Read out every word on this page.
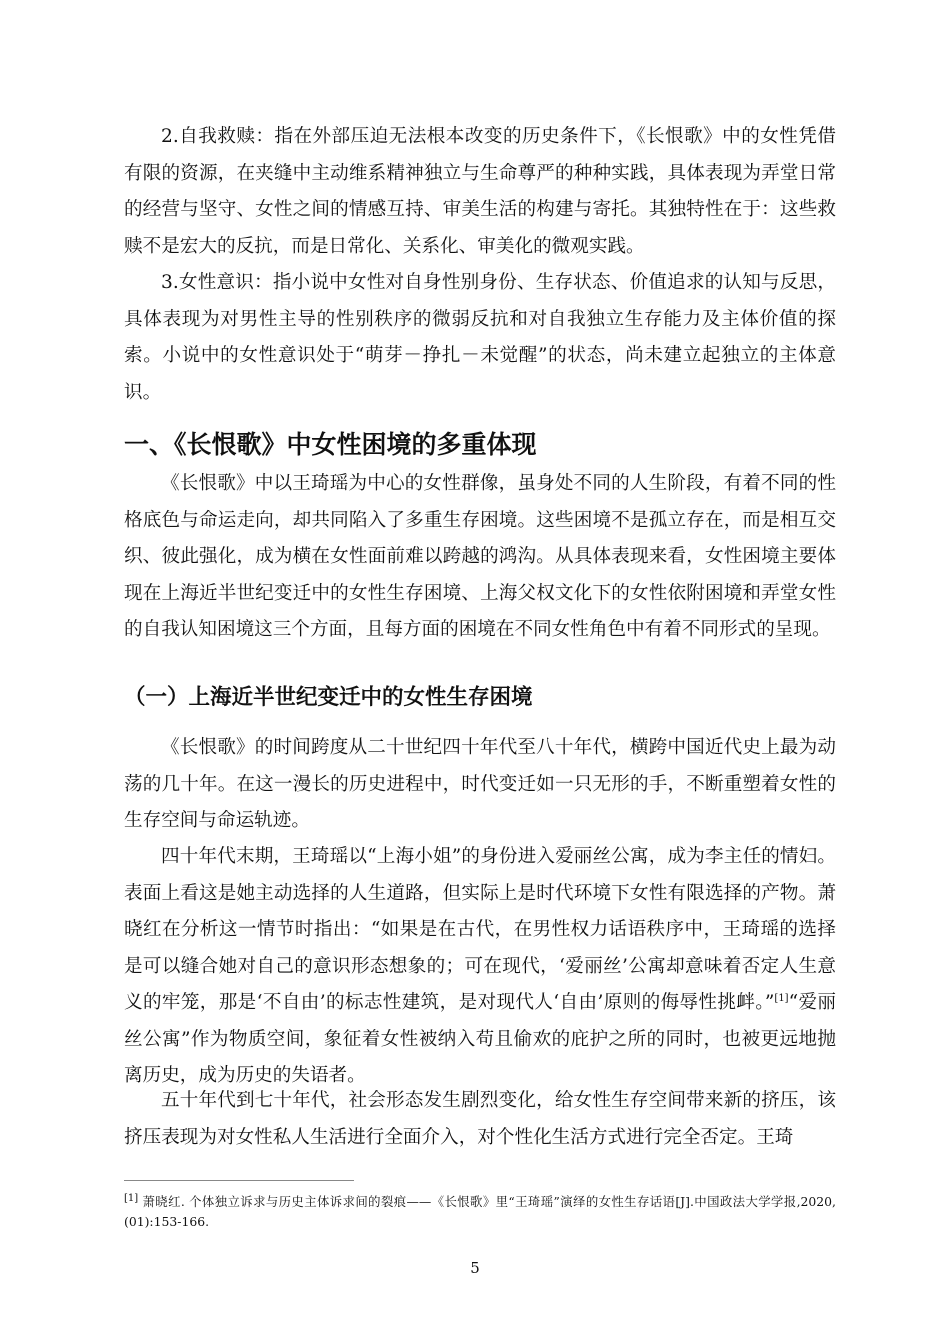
2.自我救赎：指在外部压迫无法根本改变的历史条件下，《长恨歌》中的女性凭借有限的资源，在夹缝中主动维系精神独立与生命尊严的种种实践，具体表现为弄堂日常的经营与坚守、女性之间的情感互持、审美生活的构建与寄托。其独特性在于：这些救赎不是宏大的反抗，而是日常化、关系化、审美化的微观实践。

3.女性意识：指小说中女性对自身性别身份、生存状态、价值追求的认知与反思，具体表现为对男性主导的性别秩序的微弱反抗和对自我独立生存能力及主体价值的探索。小说中的女性意识处于“萌芽－挣扎－未觉醒”的状态，尚未建立起独立的主体意识。

一、《长恨歌》中女性困境的多重体现

《长恨歌》中以王琦瑶为中心的女性群像，虽身处不同的人生阶段，有着不同的性格底色与命运走向，却共同陷入了多重生存困境。这些困境不是孤立存在，而是相互交织、彼此强化，成为横在女性面前难以跨越的鸿沟。从具体表现来看，女性困境主要体现在上海近半世纪变迁中的女性生存困境、上海父权文化下的女性依附困境和弄堂女性的自我认知困境这三个方面，且每方面的困境在不同女性角色中有着不同形式的呈现。

（一）上海近半世纪变迁中的女性生存困境

《长恨歌》的时间跨度从二十世纪四十年代至八十年代，横跨中国近代史上最为动荡的几十年。在这一漫长的历史进程中，时代变迁如一只无形的手，不断重塑着女性的生存空间与命运轨迹。

四十年代末期，王琦瑶以“上海小姐”的身份进入爱丽丝公寓，成为李主任的情妇。表面上看这是她主动选择的人生道路，但实际上是时代环境下女性有限选择的产物。萧晓红在分析这一情节时指出：“如果是在古代，在男性权力话语秩序中，王琦瑶的选择是可以缝合她对自己的意识形态想象的；可在现代，‘爱丽丝’公寓却意味着否定人生意义的牢笼，那是‘不自由’的标志性建筑，是对现代人‘自由’原则的侮辱性挑衅。”[1]“爱丽丝公寓”作为物质空间，象征着女性被纳入苟且偷欢的庇护之所的同时，也被更远地抛离历史，成为历史的失语者。

五十年代到七十年代，社会形态发生剧烈变化，给女性生存空间带来新的挤压，该挤压表现为对女性私人生活进行全面介入，对个性化生活方式进行完全否定。王琦

[1] 萧晓红. 个体独立诉求与历史主体诉求间的裂痕——《长恨歌》里“王琦瑶”演绎的女性生存话语[J].中国政法大学学报,2020,(01):153-166.

5
